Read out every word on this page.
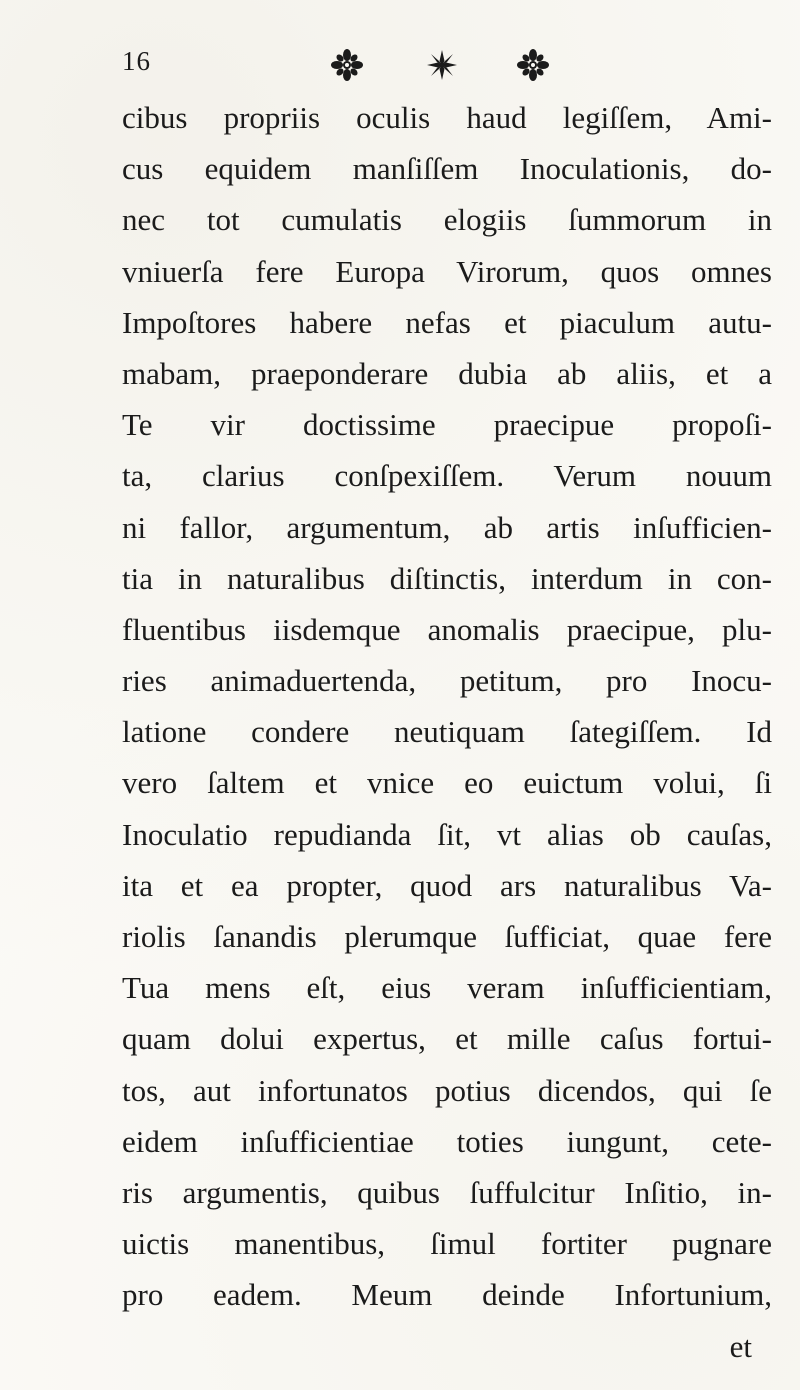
16
cibus propriis oculis haud legiſſem, Ami-
cus equidem manſiſſem Inoculationis, do-
nec tot cumulatis elogiis ſummorum in
vniuerſa fere Europa Virorum, quos omnes
Impoſtores habere nefas et piaculum autu-
mabam, praeponderare dubia ab aliis, et a
Te vir doctissime praecipue propoſi-
ta, clarius conſpexiſſem. Verum nouum
ni fallor, argumentum, ab artis inſufficien-
tia in naturalibus diſtinctis, interdum in con-
fluentibus iisdemque anomalis praecipue, plu-
ries animaduertenda, petitum, pro Inocu-
latione condere neutiquam ſategiſſem. Id
vero ſaltem et vnice eo euictum volui, ſi
Inoculatio repudianda ſit, vt alias ob cauſas,
ita et ea propter, quod ars naturalibus Va-
riolis ſanandis plerumque ſufficiat, quae fere
Tua mens eſt, eius veram inſufficientiam,
quam dolui expertus, et mille caſus fortui-
tos, aut infortunatos potius dicendos, qui ſe
eidem inſufficientiae toties iungunt, cete-
ris argumentis, quibus ſuffulcitur Inſitio, in-
uictis manentibus, ſimul fortiter pugnare
pro eadem. Meum deinde Infortunium,
et
